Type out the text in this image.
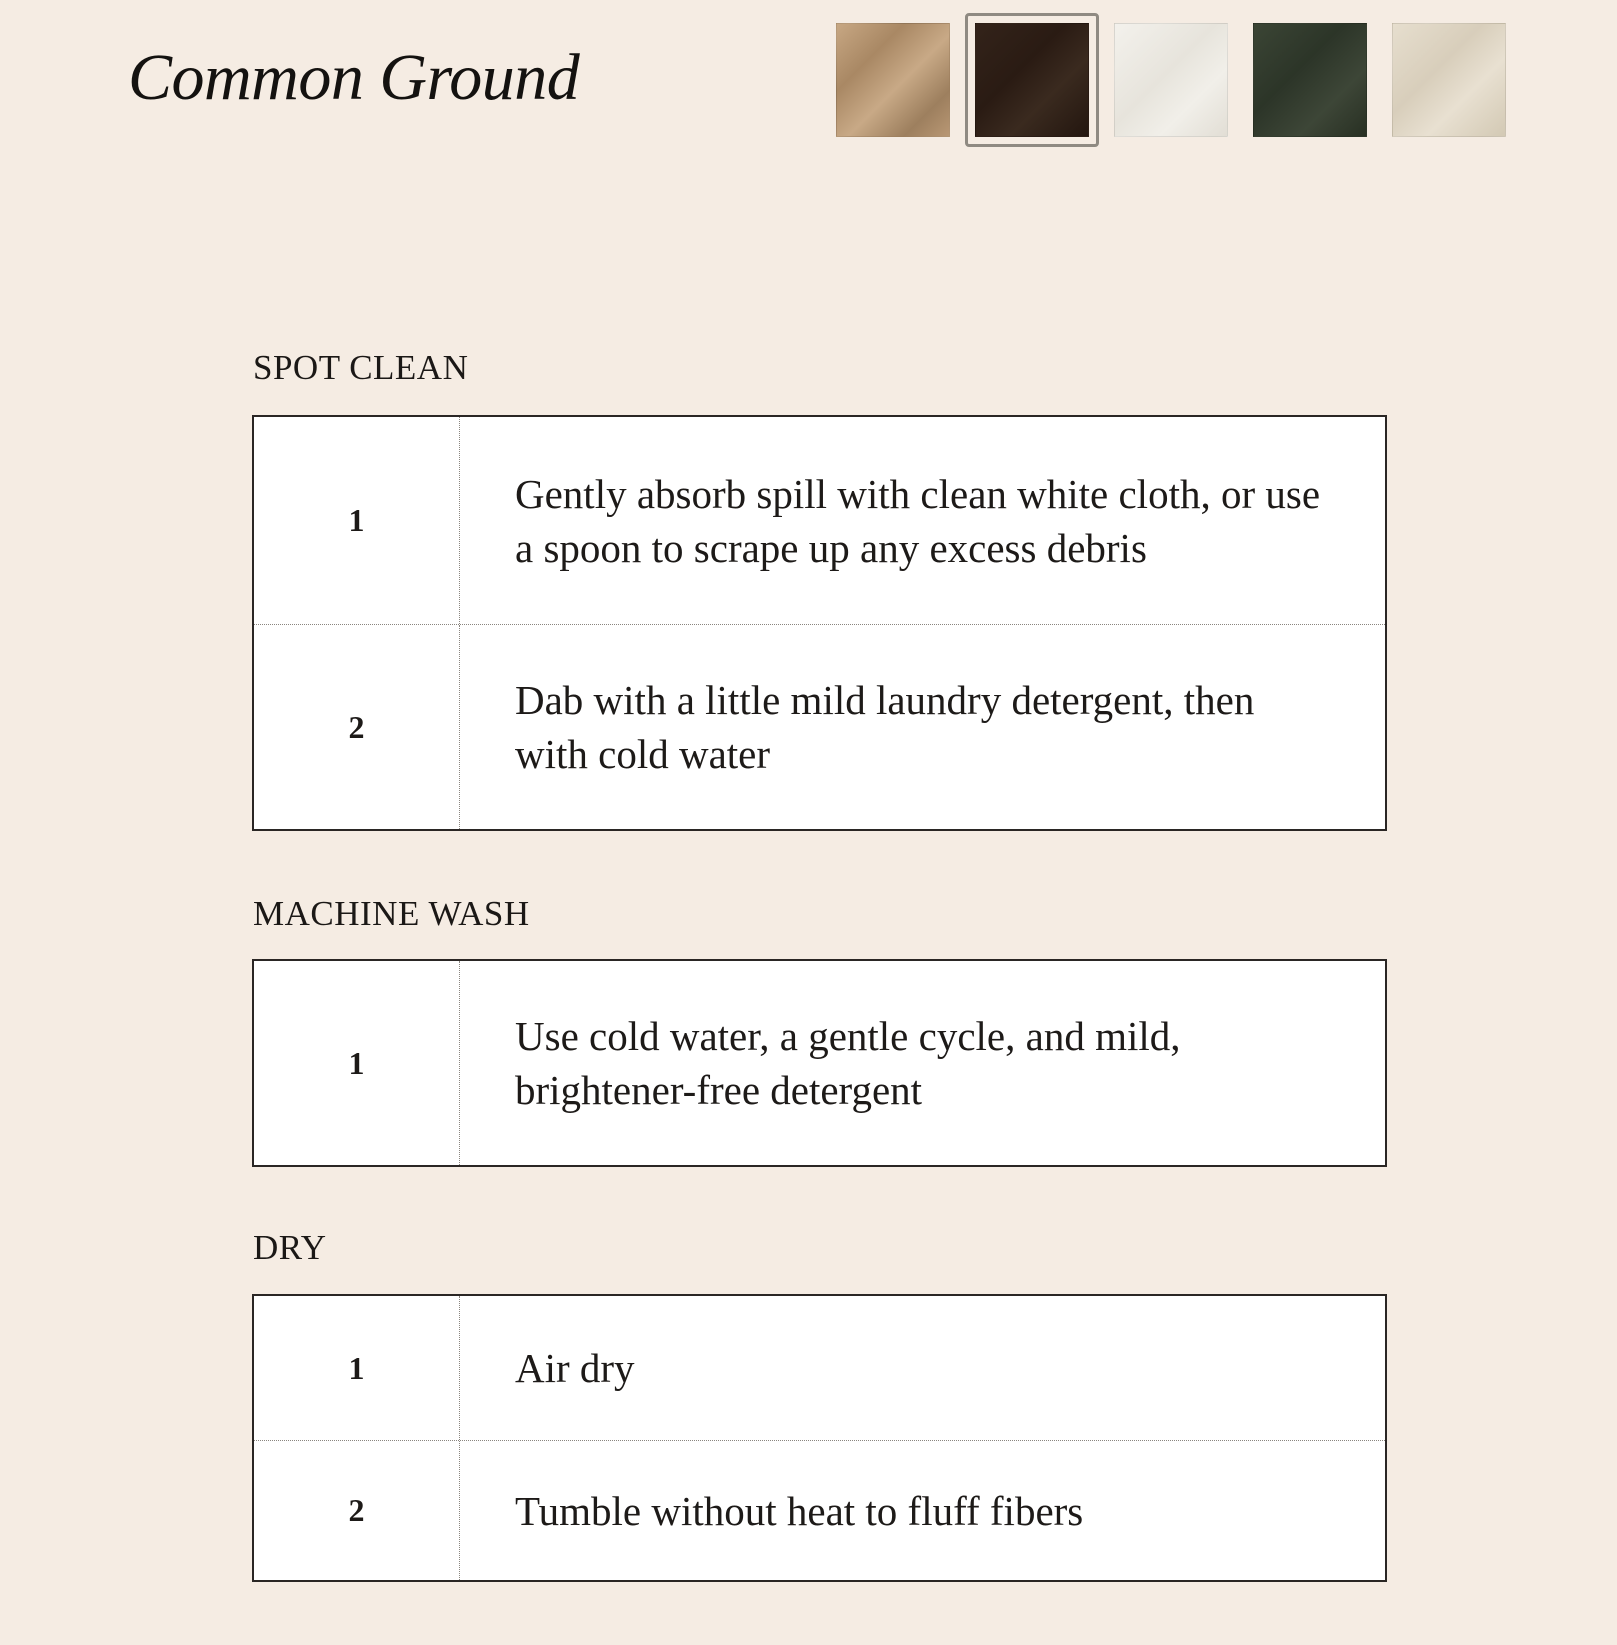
Common Ground
SPOT CLEAN
1
Gently absorb spill with clean white cloth, or use a spoon to scrape up any excess debris
2
Dab with a little mild laundry detergent, then with cold water
MACHINE WASH
1
Use cold water, a gentle cycle, and mild, brightener-free detergent
DRY
1	Air dry
2	Tumble without heat to fluff fibers
